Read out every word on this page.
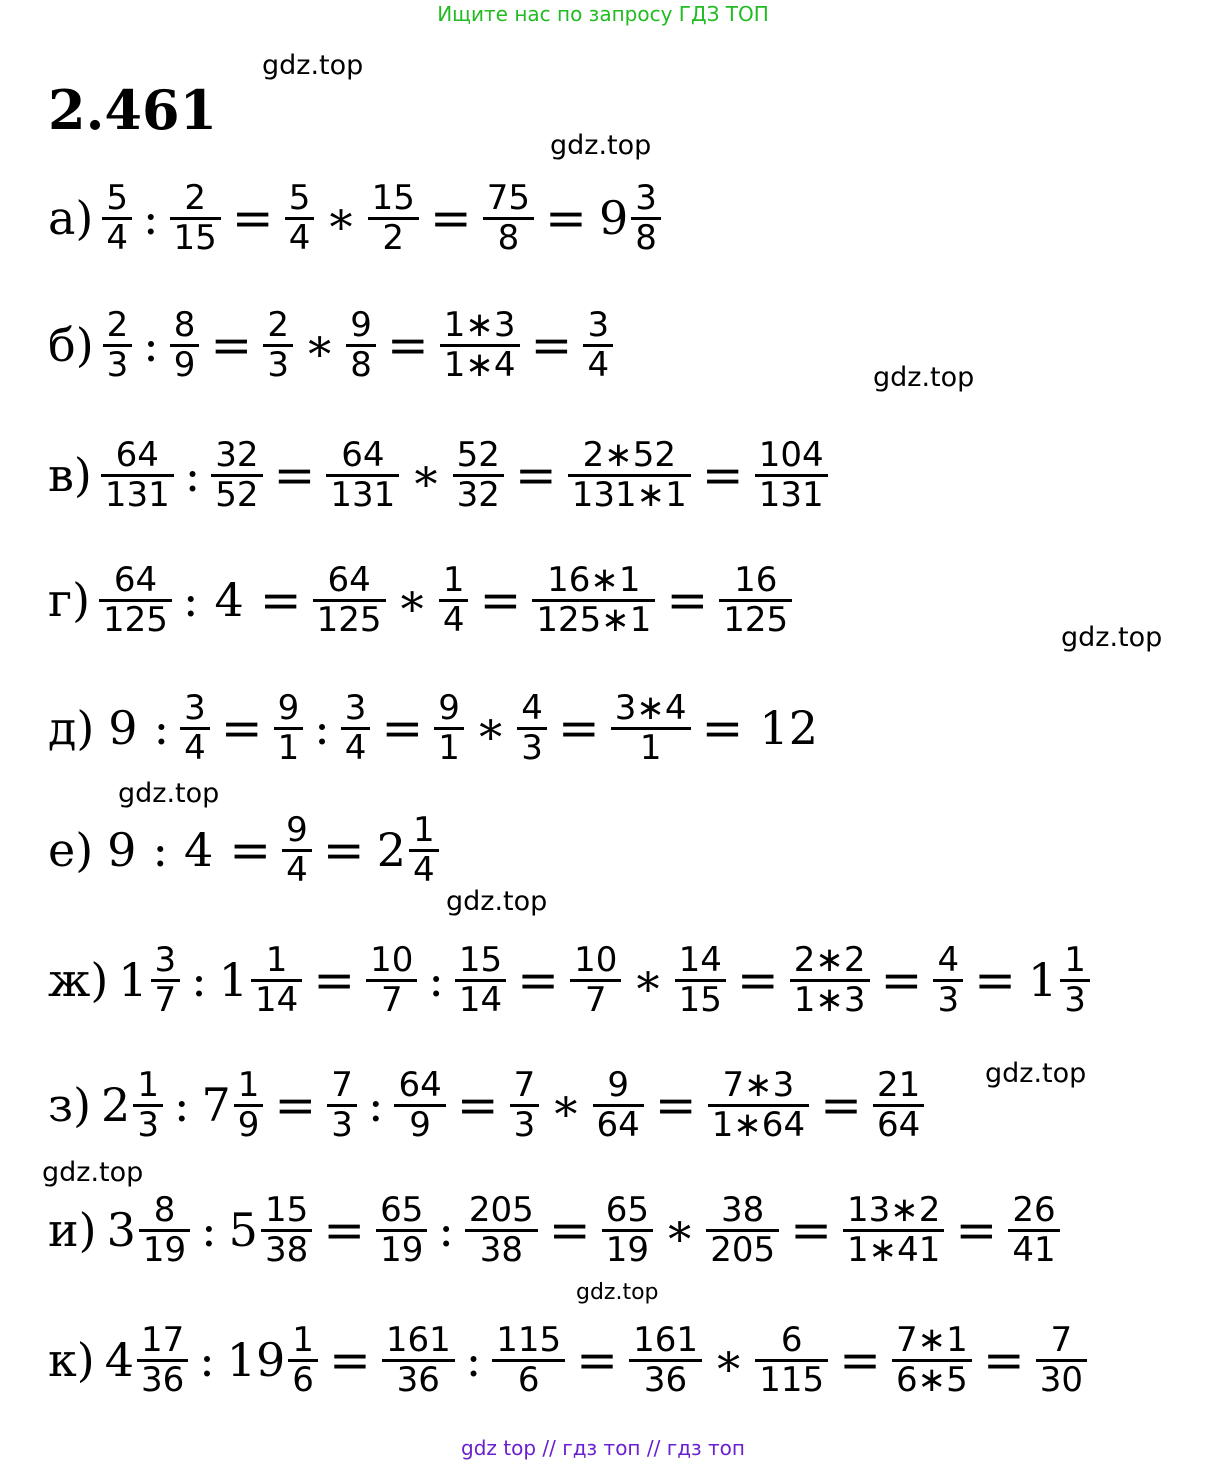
Ищите нас по запросу ГДЗ ТОП
2.461
gdz.top
gdz.top
gdz.top
gdz.top
gdz.top
gdz.top
gdz.top
gdz.top
gdz.top
$а) \frac{5}{4}$ : $\frac{2}{15} = \frac{5}{4}$ ∗ $\frac{15}{2} = \frac{75}{8} = 9 \frac{3}{8}$
$б) \frac{2}{3}$ : $\frac{8}{9} = \frac{2}{3}$ ∗ $\frac{9}{8} = \frac{1∗3}{1∗4} = \frac{3}{4}$
$в) \frac{64}{131}$ : $\frac{32}{52} = \frac{64}{131}$ ∗ $\frac{52}{32} = \frac{2∗52}{131∗1} = \frac{104}{131}$
$г) \frac{64}{125}$ : $4 = \frac{64}{125}$ ∗ $\frac{1}{4} = \frac{16∗1}{125∗1} = \frac{16}{125}$
д) 9 : $\frac{3}{4} = \frac{9}{1}$ : $\frac{3}{4} = \frac{9}{1}$ ∗ $\frac{4}{3} = \frac{3∗4}{1} = 12$
е) 9 : $4 = \frac{9}{4} = 2 \frac{1}{4}$
ж) $1 \frac{3}{7}$ : $1 \frac{1}{14} = \frac{10}{7}$ : $\frac{15}{14} = \frac{10}{7}$ ∗ $\frac{14}{15} = \frac{2∗2}{1∗3} = \frac{4}{3} = 1 \frac{1}{3}$
з) $2 \frac{1}{3}$ : $7 \frac{1}{9} = \frac{7}{3}$ : $\frac{64}{9} = \frac{7}{3}$ ∗ $\frac{9}{64} = \frac{7∗3}{1∗64} = \frac{21}{64}$
и) $3 \frac{8}{19}$ : $5 \frac{15}{38} = \frac{65}{19}$ : $\frac{205}{38} = \frac{65}{19}$ ∗ $\frac{38}{205} = \frac{13∗2}{1∗41} = \frac{26}{41}$
к) $4 \frac{17}{36}$ : $19 \frac{1}{6} = \frac{161}{36}$ : $\frac{115}{6} = \frac{161}{36}$ ∗ $\frac{6}{115} = \frac{7∗1}{6∗5} = \frac{7}{30}$
gdz top // гдз топ // гдз топ
